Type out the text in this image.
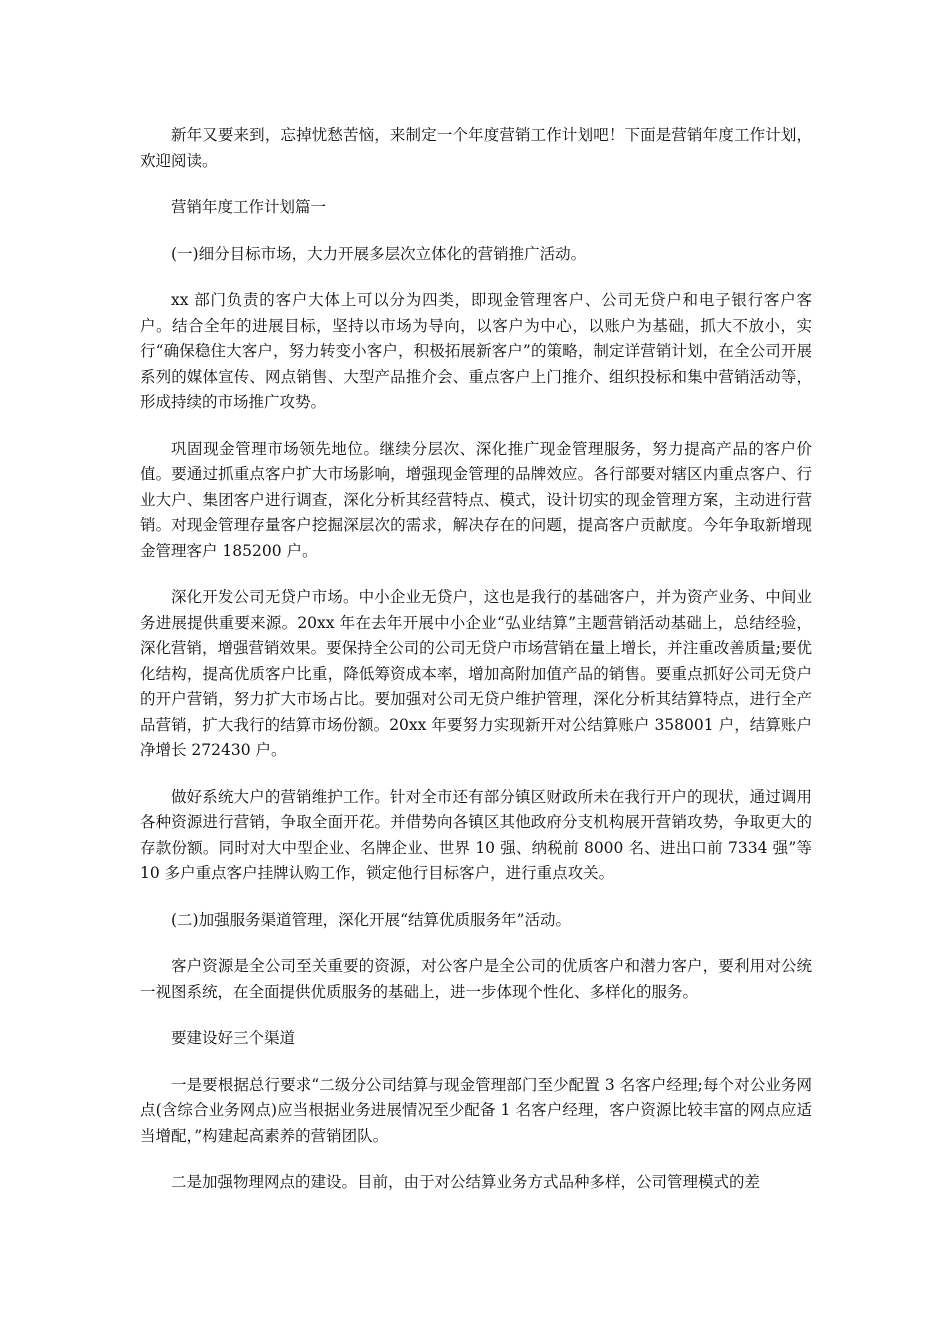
新年又要来到，忘掉忧愁苦恼，来制定一个年度营销工作计划吧！下面是营销年度工作计划，欢迎阅读。

营销年度工作计划篇一

(一)细分目标市场，大力开展多层次立体化的营销推广活动。

xx 部门负责的客户大体上可以分为四类，即现金管理客户、公司无贷户和电子银行客户客户。结合全年的进展目标，坚持以市场为导向，以客户为中心，以账户为基础，抓大不放小，实行“确保稳住大客户，努力转变小客户，积极拓展新客户”的策略，制定详营销计划，在全公司开展系列的媒体宣传、网点销售、大型产品推介会、重点客户上门推介、组织投标和集中营销活动等，形成持续的市场推广攻势。

巩固现金管理市场领先地位。继续分层次、深化推广现金管理服务，努力提高产品的客户价值。要通过抓重点客户扩大市场影响，增强现金管理的品牌效应。各行部要对辖区内重点客户、行业大户、集团客户进行调查，深化分析其经营特点、模式，设计切实的现金管理方案，主动进行营销。对现金管理存量客户挖掘深层次的需求，解决存在的问题，提高客户贡献度。今年争取新增现金管理客户 185200 户。

深化开发公司无贷户市场。中小企业无贷户，这也是我行的基础客户，并为资产业务、中间业务进展提供重要来源。20xx 年在去年开展中小企业“弘业结算”主题营销活动基础上，总结经验，深化营销，增强营销效果。要保持全公司的公司无贷户市场营销在量上增长，并注重改善质量;要优化结构，提高优质客户比重，降低筹资成本率，增加高附加值产品的销售。要重点抓好公司无贷户的开户营销，努力扩大市场占比。要加强对公司无贷户维护管理，深化分析其结算特点，进行全产品营销，扩大我行的结算市场份额。20xx 年要努力实现新开对公结算账户 358001 户，结算账户净增长 272430 户。

做好系统大户的营销维护工作。针对全市还有部分镇区财政所未在我行开户的现状，通过调用各种资源进行营销，争取全面开花。并借势向各镇区其他政府分支机构展开营销攻势，争取更大的存款份额。同时对大中型企业、名牌企业、世界 10 强、纳税前 8000 名、进出口前 7334 强”等 10 多户重点客户挂牌认购工作，锁定他行目标客户，进行重点攻关。

(二)加强服务渠道管理，深化开展“结算优质服务年”活动。

客户资源是全公司至关重要的资源，对公客户是全公司的优质客户和潜力客户，要利用对公统一视图系统，在全面提供优质服务的基础上，进一步体现个性化、多样化的服务。

要建设好三个渠道

一是要根据总行要求“二级分公司结算与现金管理部门至少配置 3 名客户经理;每个对公业务网点(含综合业务网点)应当根据业务进展情况至少配备 1 名客户经理，客户资源比较丰富的网点应适当增配，”构建起高素养的营销团队。

二是加强物理网点的建设。目前，由于对公结算业务方式品种多样，公司管理模式的差
